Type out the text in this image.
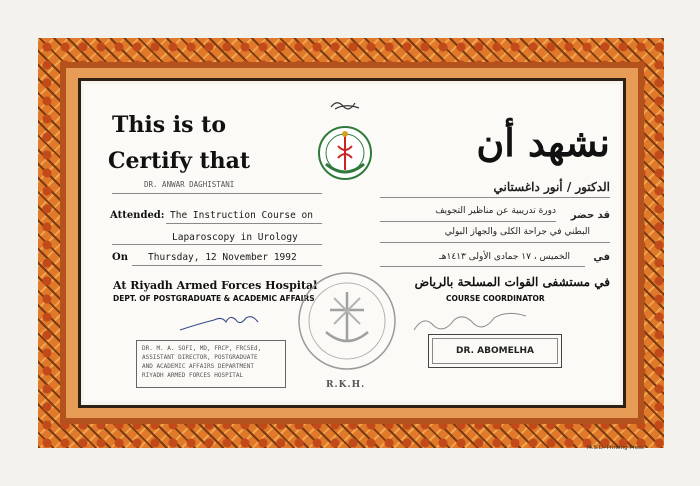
This is to
Certify that	نشهد أن
DR. ANWAR DAGHISTANI	الدكتور / أنور داغستاني
Attended: The Instruction Course on
Laparoscopy in Urology
On Thursday, 12 November 1992
قد حضر
دورة تدريبية عن مناظير التجويف
البطني في جراحة الكلى والجهاز البولي
في
الخميس ، ١٧ جمادى الأولى ١٤١٣هـ
At Riyadh Armed Forces Hospital	في مستشفى القوات المسلحة بالرياض
DEPT. OF POSTGRADUATE & ACADEMIC AFFAIRS	COURSE COORDINATOR
R.K.H.
DR. M. A. SOFI, MD, FRCP, FRCSEd,
ASSISTANT DIRECTOR, POSTGRADUATE
AND ACADEMIC AFFAIRS DEPARTMENT
RIYADH ARMED FORCES HOSPITAL
DR. ABOMELHA
M.S.D. Printing Press
